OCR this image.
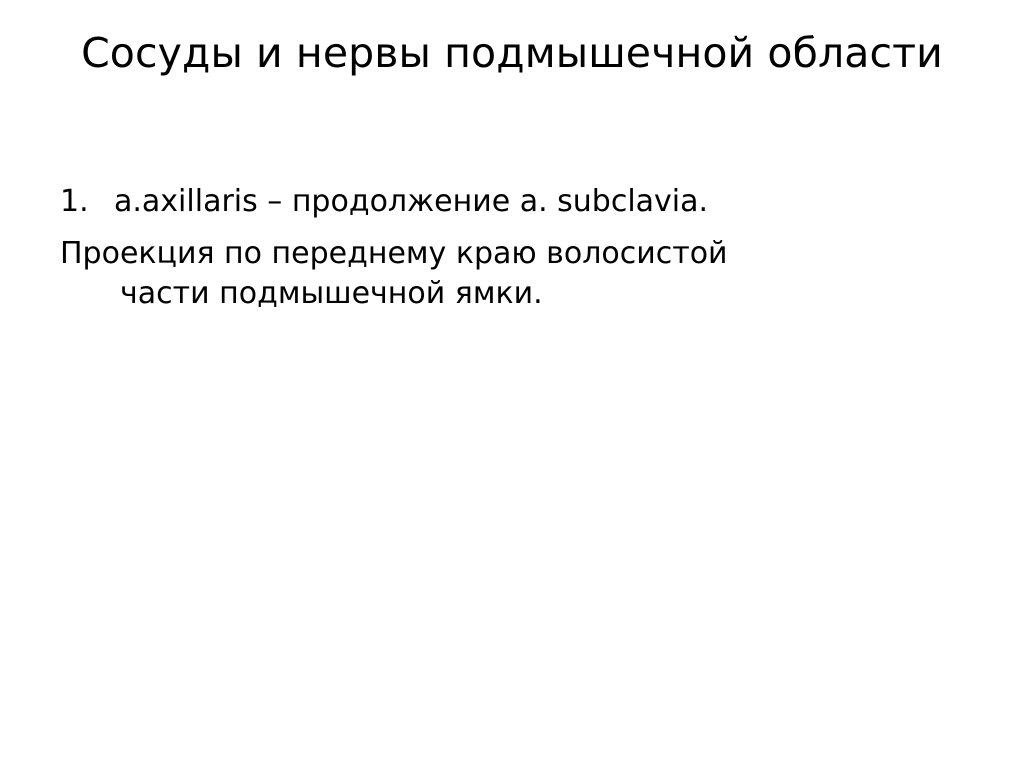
Сосуды и нервы подмышечной области
1. a.axillaris – продолжение a. subclavia.
Проекция по переднему краю волосистой
части подмышечной ямки.
